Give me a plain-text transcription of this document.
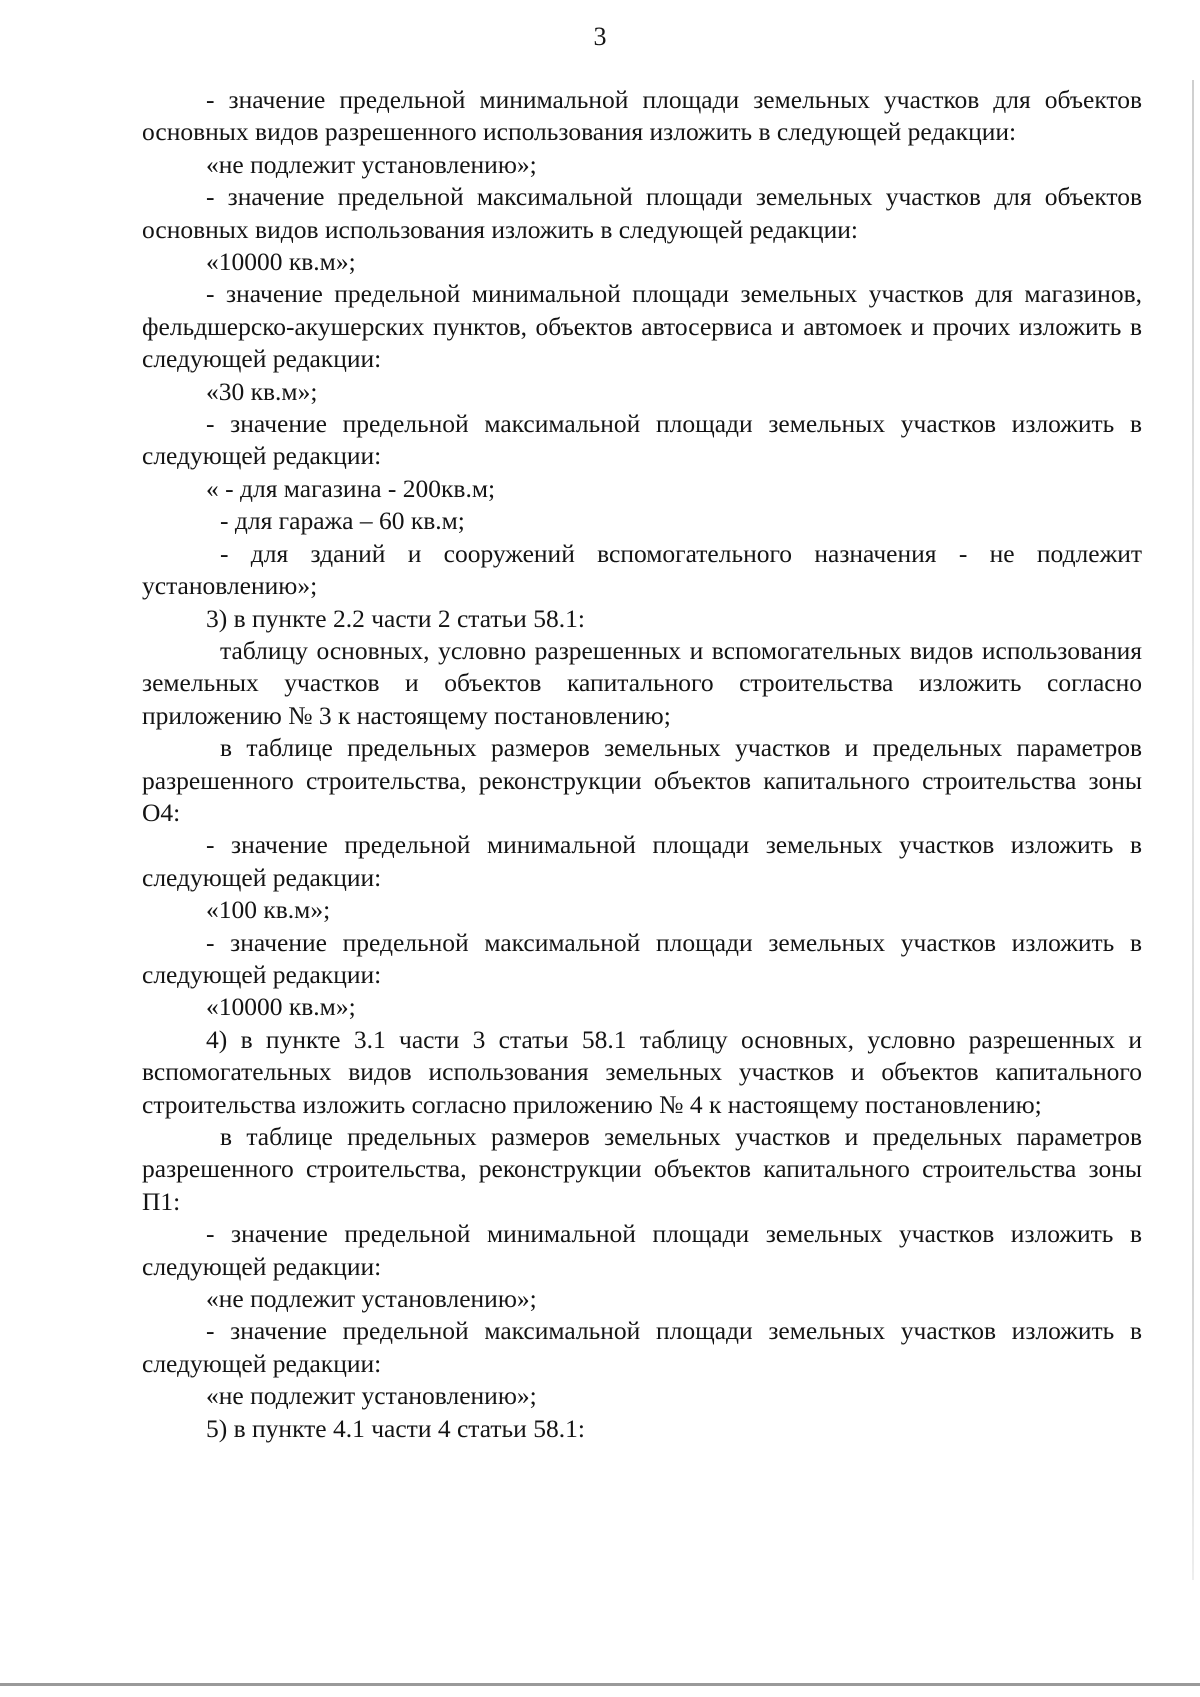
3

- значение предельной минимальной площади земельных участков для объектов основных видов разрешенного использования изложить в следующей редакции:

«не подлежит установлению»;

- значение предельной максимальной площади земельных участков для объектов основных видов использования изложить в следующей редакции:

«10000 кв.м»;

- значение предельной минимальной площади земельных участков для магазинов, фельдшерско-акушерских пунктов, объектов автосервиса и автомоек и прочих изложить в следующей редакции:

«30 кв.м»;

- значение предельной максимальной площади земельных участков изложить в следующей редакции:

« - для магазина - 200кв.м;

- для гаража – 60 кв.м;

- для зданий и сооружений вспомогательного назначения - не подлежит установлению»;

3) в пункте 2.2 части 2 статьи 58.1:

таблицу основных, условно разрешенных и вспомогательных видов использования земельных участков и объектов капитального строительства изложить согласно приложению № 3 к настоящему постановлению;

в таблице предельных размеров земельных участков и предельных параметров разрешенного строительства, реконструкции объектов капитального строительства зоны О4:

- значение предельной минимальной площади земельных участков изложить в следующей редакции:

«100 кв.м»;

- значение предельной максимальной площади земельных участков изложить в следующей редакции:

«10000 кв.м»;

4) в пункте 3.1 части 3 статьи 58.1 таблицу основных, условно разрешенных и вспомогательных видов использования земельных участков и объектов капитального строительства изложить согласно приложению № 4 к настоящему постановлению;

в таблице предельных размеров земельных участков и предельных параметров разрешенного строительства, реконструкции объектов капитального строительства зоны П1:

- значение предельной минимальной площади земельных участков изложить в следующей редакции:

«не подлежит установлению»;

- значение предельной максимальной площади земельных участков изложить в следующей редакции:

«не подлежит установлению»;

5) в пункте 4.1 части 4 статьи 58.1:
